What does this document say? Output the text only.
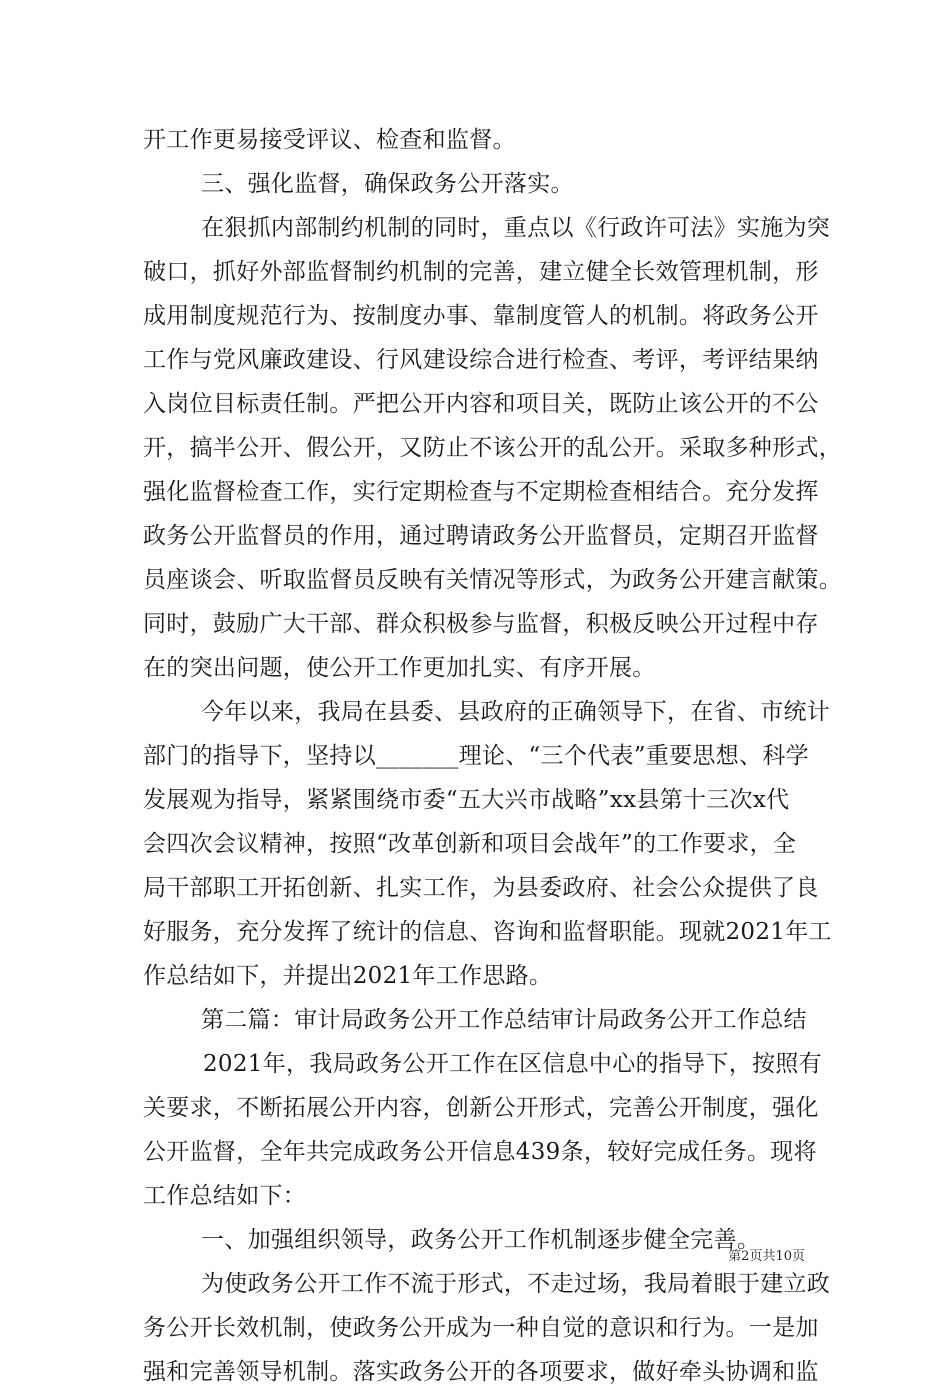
开工作更易接受评议、检查和监督。
三、强化监督，确保政务公开落实。
在狠抓内部制约机制的同时，重点以《行政许可法》实施为突
破口，抓好外部监督制约机制的完善，建立健全长效管理机制，形
成用制度规范行为、按制度办事、靠制度管人的机制。将政务公开
工作与党风廉政建设、行风建设综合进行检查、考评，考评结果纳
入岗位目标责任制。严把公开内容和项目关，既防止该公开的不公
开，搞半公开、假公开，又防止不该公开的乱公开。采取多种形式，
强化监督检查工作，实行定期检查与不定期检查相结合。充分发挥
政务公开监督员的作用，通过聘请政务公开监督员，定期召开监督
员座谈会、听取监督员反映有关情况等形式，为政务公开建言献策。
同时，鼓励广大干部、群众积极参与监督，积极反映公开过程中存
在的突出问题，使公开工作更加扎实、有序开展。
今年以来，我局在县委、县政府的正确领导下，在省、市统计
部门的指导下，坚持以_______理论、“三个代表”重要思想、科学
发展观为指导，紧紧围绕市委“五大兴市战略”xx县第十三次x代
会四次会议精神，按照“改革创新和项目会战年”的工作要求，全
局干部职工开拓创新、扎实工作，为县委政府、社会公众提供了良
好服务，充分发挥了统计的信息、咨询和监督职能。现就2021年工
作总结如下，并提出2021年工作思路。
第二篇：审计局政务公开工作总结审计局政务公开工作总结
2021年，我局政务公开工作在区信息中心的指导下，按照有
关要求，不断拓展公开内容，创新公开形式，完善公开制度，强化
公开监督，全年共完成政务公开信息439条，较好完成任务。现将
工作总结如下：
一、加强组织领导，政务公开工作机制逐步健全完善。
为使政务公开工作不流于形式，不走过场，我局着眼于建立政
务公开长效机制，使政务公开成为一种自觉的意识和行为。一是加
强和完善领导机制。落实政务公开的各项要求，做好牵头协调和监
第2页共10页
